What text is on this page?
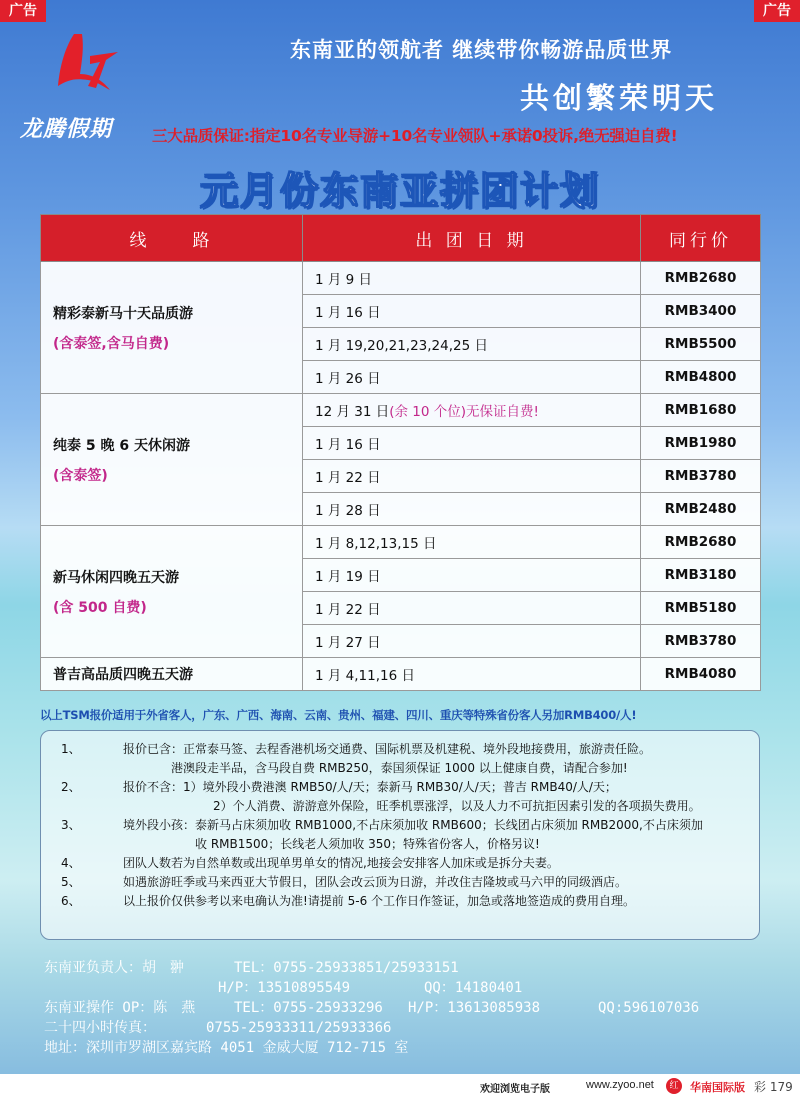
广告	广告
龙腾假期
东南亚的领航者 继续带你畅游品质世界
共创繁荣明天
三大品质保证:指定10名专业导游+10名专业领队+承诺0投诉,绝无强迫自费!
元月份东南亚拼团计划
线　　路	出 团 日 期	同行价

精彩泰新马十天品质游
(含泰签,含马自费)	1 月 9 日	RMB2680
	1 月 16 日	RMB3400
	1 月 19,20,21,23,24,25 日	RMB5500
	1 月 26 日	RMB4800

纯泰 5 晚 6 天休闲游
(含泰签)	12 月 31 日(余 10 个位)无保证自费!	RMB1680
	1 月 16 日	RMB1980
	1 月 22 日	RMB3780
	1 月 28 日	RMB2480

新马休闲四晚五天游
(含 500 自费)	1 月 8,12,13,15 日	RMB2680
	1 月 19 日	RMB3180
	1 月 22 日	RMB5180
	1 月 27 日	RMB3780

普吉高品质四晚五天游	1 月 4,11,16 日	RMB4080
以上TSM报价适用于外省客人，广东、广西、海南、云南、贵州、福建、四川、重庆等特殊省份客人另加RMB400/人!
1、	报价已含：正常泰马签、去程香港机场交通费、国际机票及机建税、境外段地接费用，旅游责任险。
港澳段走半品，含马段自费 RMB250，泰国须保证 1000 以上健康自费，请配合参加!
2、	报价不含：1）境外段小费港澳 RMB50/人/天；泰新马 RMB30/人/天；普吉 RMB40/人/天；
2）个人消费、游游意外保险，旺季机票涨浮，以及人力不可抗拒因素引发的各项损失费用。
3、	境外段小孩：泰新马占床须加收 RMB1000,不占床须加收 RMB600；长线团占床须加 RMB2000,不占床须加
收 RMB1500；长线老人须加收 350；特殊省份客人，价格另议!
4、	团队人数若为自然单数或出现单男单女的情况,地接会安排客人加床或是拆分夫妻。
5、	如遇旅游旺季或马来西亚大节假日，团队会改云顶为日游，并改住吉隆坡或马六甲的同级酒店。
6、	以上报价仅供参考以来电确认为准!请提前 5-6 个工作日作签证，加急或落地签造成的费用自理。
东南亚负责人：胡　翀	TEL：0755-25933851/25933151
H/P：13510895549	QQ：14180401
东南亚操作 OP：陈　燕	TEL：0755-25933296 H/P：13613085938	QQ:596107036
二十四小时传真：	0755-25933311/25933366
地址：深圳市罗湖区嘉宾路 4051 金威大厦 712-715 室
欢迎浏览电子版	www.zyoo.net	红	华南国际版 彩 179
